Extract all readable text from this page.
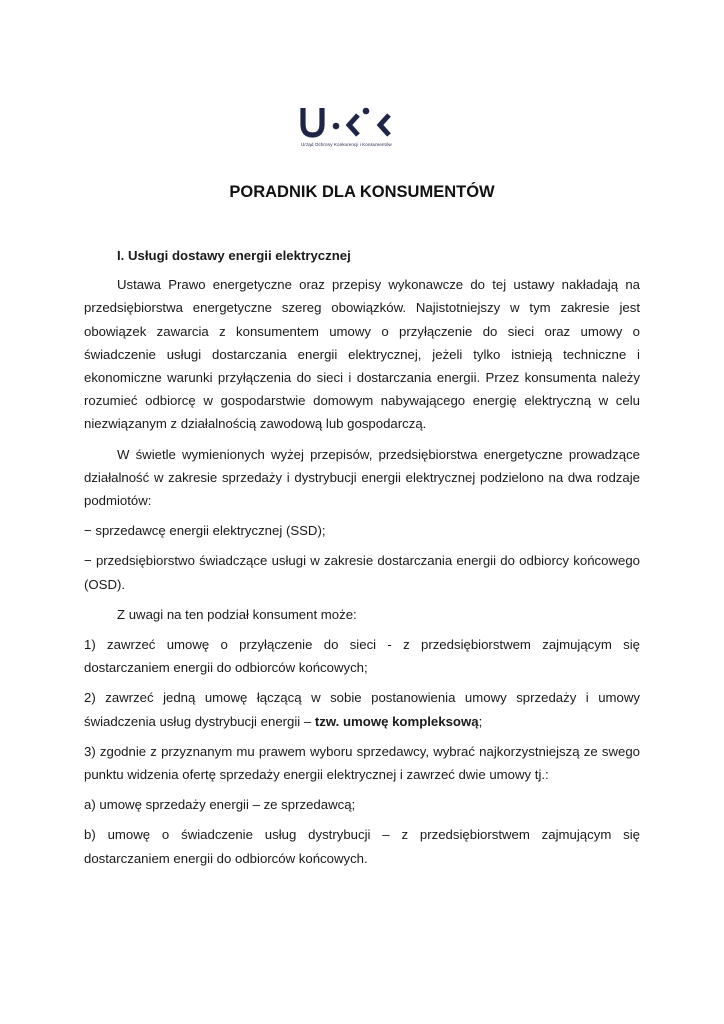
Urząd Ochrony Konkurencji i Konsumentów
PORADNIK DLA KONSUMENTÓW
I. Usługi dostawy energii elektrycznej

Ustawa Prawo energetyczne oraz przepisy wykonawcze do tej ustawy nakładają na przedsiębiorstwa energetyczne szereg obowiązków. Najistotniejszy w tym zakresie jest obowiązek zawarcia z konsumentem umowy o przyłączenie do sieci oraz umowy o świadczenie usługi dostarczania energii elektrycznej, jeżeli tylko istnieją techniczne i ekonomiczne warunki przyłączenia do sieci i dostarczania energii. Przez konsumenta należy rozumieć odbiorcę w gospodarstwie domowym nabywającego energię elektryczną w celu niezwiązanym z działalnością zawodową lub gospodarczą.

W świetle wymienionych wyżej przepisów, przedsiębiorstwa energetyczne prowadzące działalność w zakresie sprzedaży i dystrybucji energii elektrycznej podzielono na dwa rodzaje podmiotów:

− sprzedawcę energii elektrycznej (SSD);

− przedsiębiorstwo świadczące usługi w zakresie dostarczania energii do odbiorcy końcowego (OSD).

Z uwagi na ten podział konsument może:

1) zawrzeć umowę o przyłączenie do sieci - z przedsiębiorstwem zajmującym się dostarczaniem energii do odbiorców końcowych;

2) zawrzeć jedną umowę łączącą w sobie postanowienia umowy sprzedaży i umowy świadczenia usług dystrybucji energii – tzw. umowę kompleksową;

3) zgodnie z przyznanym mu prawem wyboru sprzedawcy, wybrać najkorzystniejszą ze swego punktu widzenia ofertę sprzedaży energii elektrycznej i zawrzeć dwie umowy tj.:

a) umowę sprzedaży energii – ze sprzedawcą;

b) umowę o świadczenie usług dystrybucji – z przedsiębiorstwem zajmującym się dostarczaniem energii do odbiorców końcowych.
